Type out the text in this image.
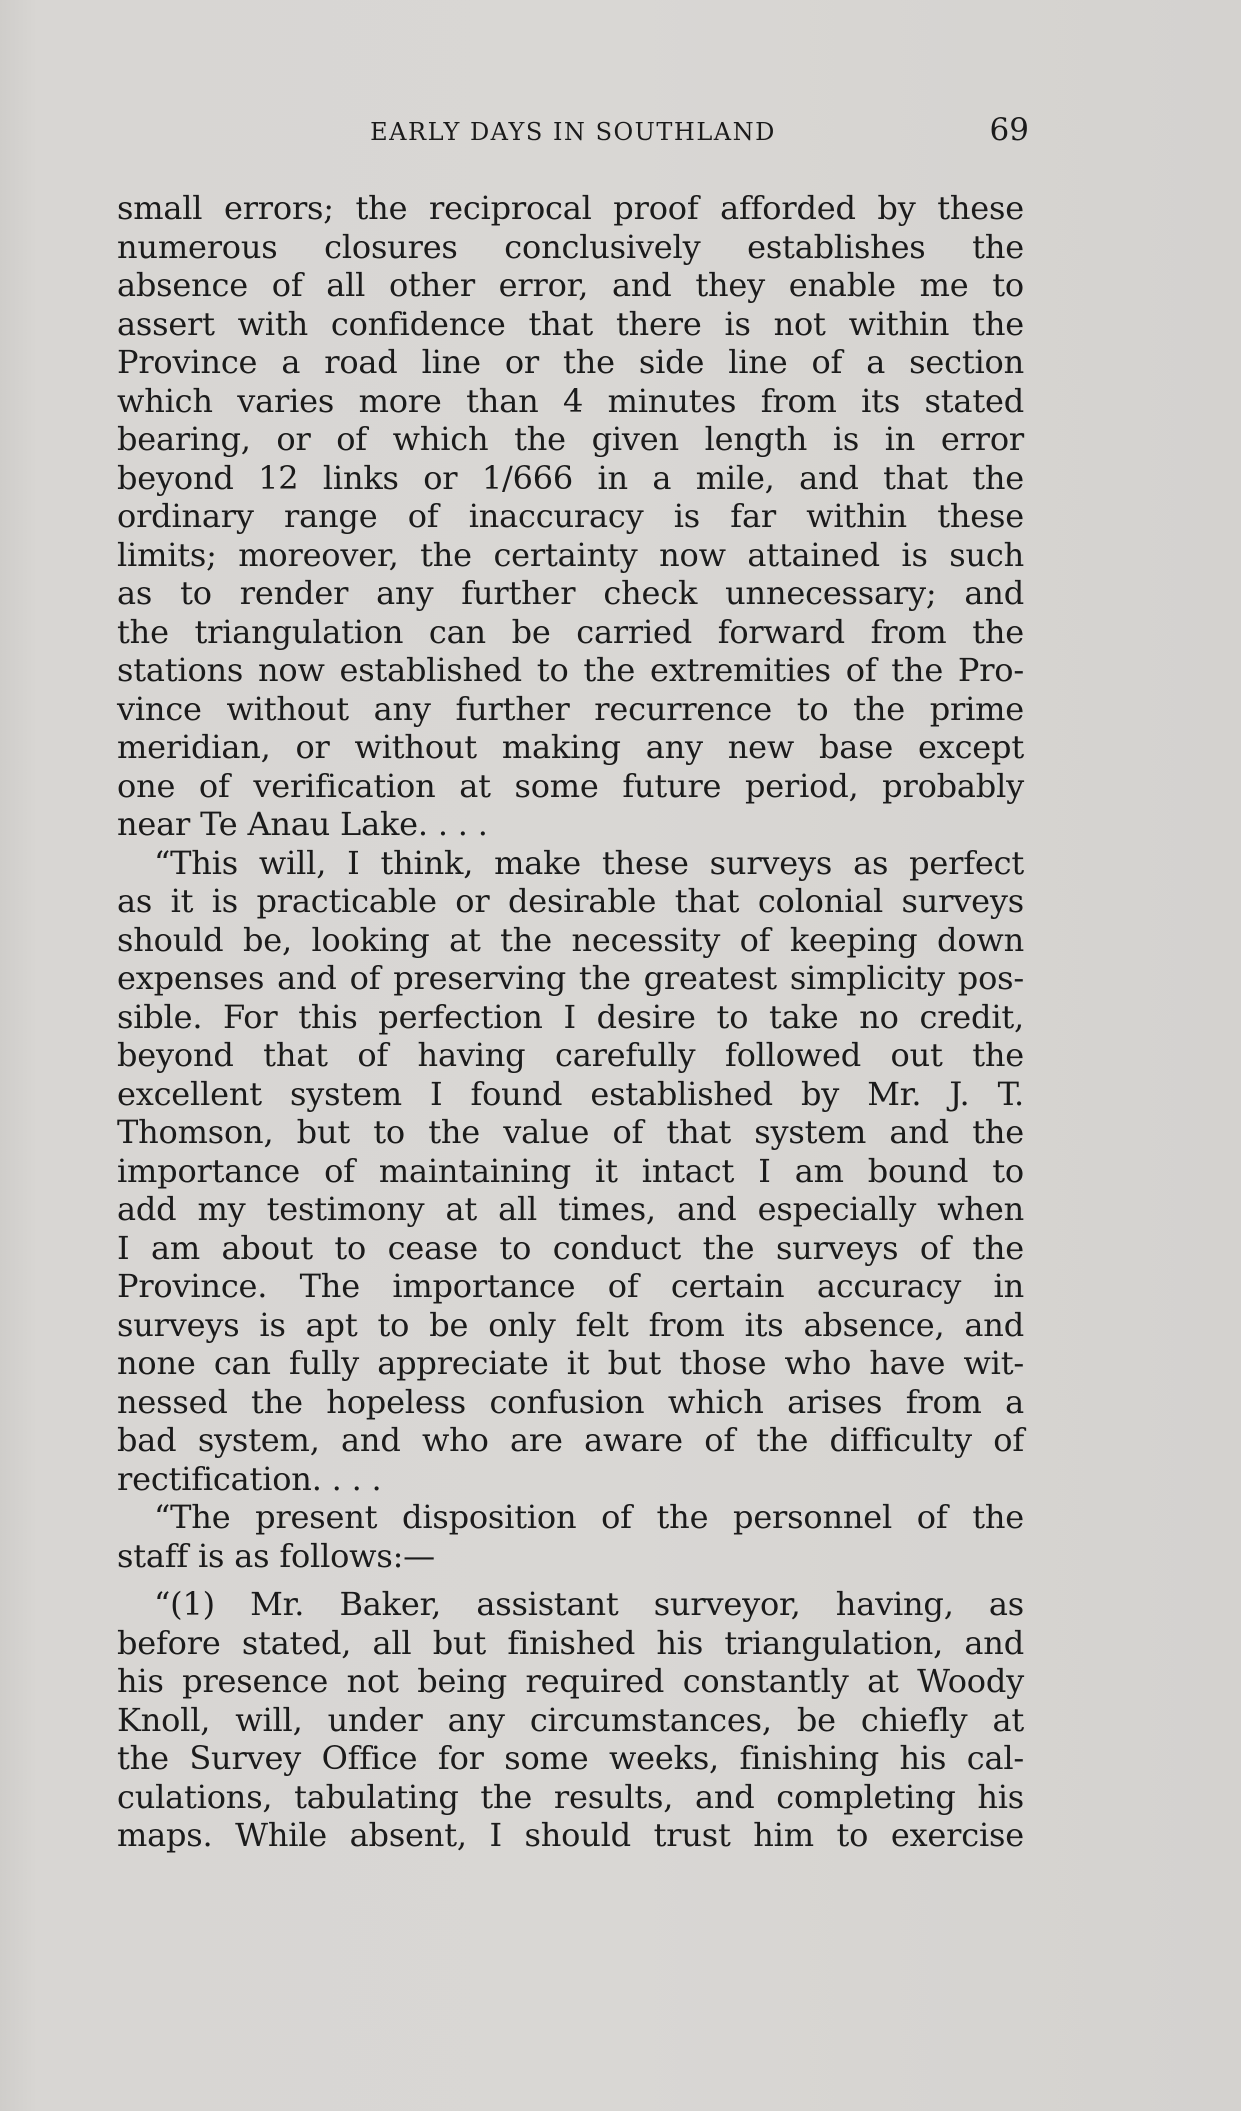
EARLY DAYS IN SOUTHLAND	69
small errors; the reciprocal proof afforded by these
numerous closures conclusively establishes the
absence of all other error, and they enable me to
assert with confidence that there is not within the
Province a road line or the side line of a section
which varies more than 4 minutes from its stated
bearing, or of which the given length is in error
beyond 12 links or 1/666 in a mile, and that the
ordinary range of inaccuracy is far within these
limits; moreover, the certainty now attained is such
as to render any further check unnecessary; and
the triangulation can be carried forward from the
stations now established to the extremities of the Pro-
vince without any further recurrence to the prime
meridian, or without making any new base except
one of verification at some future period, probably
near Te Anau Lake. . . .
“This will, I think, make these surveys as perfect
as it is practicable or desirable that colonial surveys
should be, looking at the necessity of keeping down
expenses and of preserving the greatest simplicity pos-
sible. For this perfection I desire to take no credit,
beyond that of having carefully followed out the
excellent system I found established by Mr. J. T.
Thomson, but to the value of that system and the
importance of maintaining it intact I am bound to
add my testimony at all times, and especially when
I am about to cease to conduct the surveys of the
Province. The importance of certain accuracy in
surveys is apt to be only felt from its absence, and
none can fully appreciate it but those who have wit-
nessed the hopeless confusion which arises from a
bad system, and who are aware of the difficulty of
rectification. . . .
“The present disposition of the personnel of the
staff is as follows:—
“(1) Mr. Baker, assistant surveyor, having, as
before stated, all but finished his triangulation, and
his presence not being required constantly at Woody
Knoll, will, under any circumstances, be chiefly at
the Survey Office for some weeks, finishing his cal-
culations, tabulating the results, and completing his
maps. While absent, I should trust him to exercise
